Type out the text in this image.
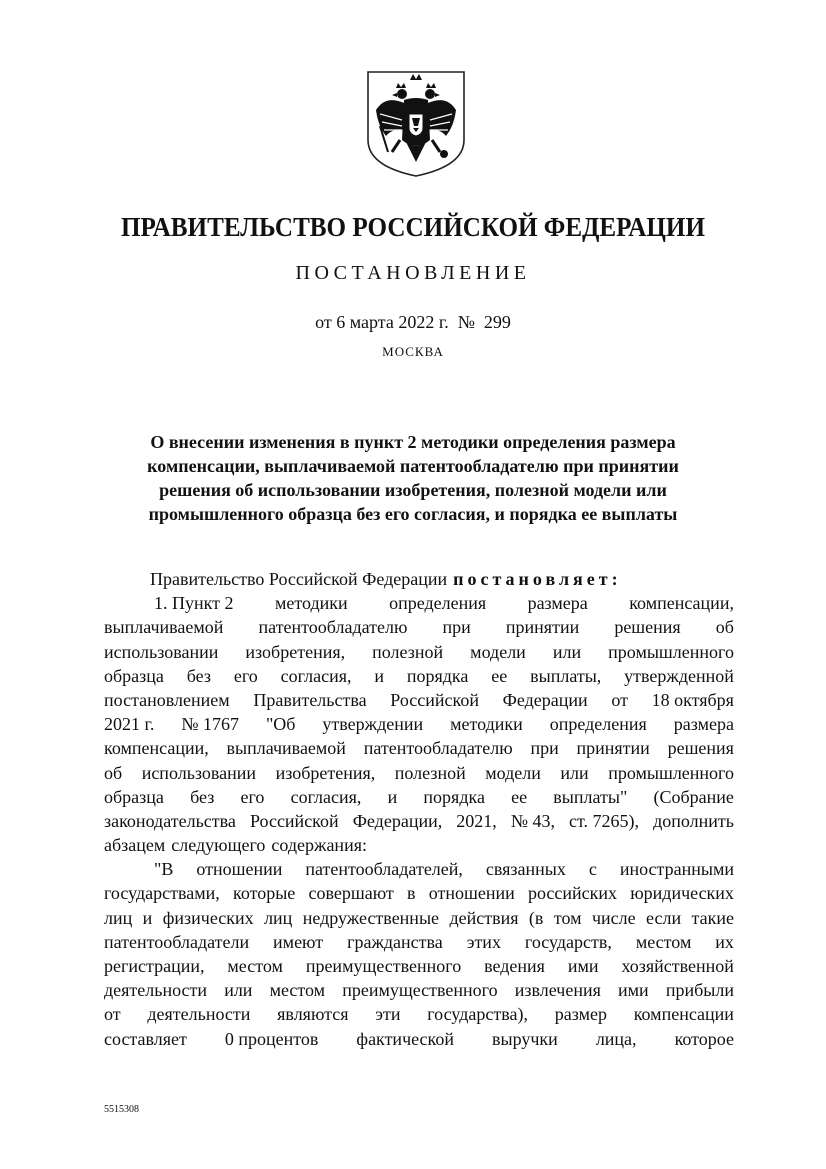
ПРАВИТЕЛЬСТВО РОССИЙСКОЙ ФЕДЕРАЦИИ
ПОСТАНОВЛЕНИЕ
от 6 марта 2022 г.  №  299
МОСКВА
О внесении изменения в пункт 2 методики определения размера
компенсации, выплачиваемой патентообладателю при принятии
решения об использовании изобретения, полезной модели или
промышленного образца без его согласия, и порядка ее выплаты
Правительство Российской Федерации постановляет:
1. Пункт 2 методики определения размера компенсации,
выплачиваемой патентообладателю при принятии решения об
использовании изобретения, полезной модели или промышленного
образца без его согласия, и порядка ее выплаты, утвержденной
постановлением Правительства Российской Федерации от 18 октября
2021 г. № 1767 "Об утверждении методики определения размера
компенсации, выплачиваемой патентообладателю при принятии решения
об использовании изобретения, полезной модели или промышленного
образца без его согласия, и порядка ее выплаты" (Собрание
законодательства Российской Федерации, 2021, № 43, ст. 7265), дополнить
абзацем следующего содержания:
"В отношении патентообладателей, связанных с иностранными
государствами, которые совершают в отношении российских юридических
лиц и физических лиц недружественные действия (в том числе если такие
патентообладатели имеют гражданства этих государств, местом их
регистрации, местом преимущественного ведения ими хозяйственной
деятельности или местом преимущественного извлечения ими прибыли
от деятельности являются эти государства), размер компенсации
составляет 0 процентов фактической выручки лица, которое
5515308
